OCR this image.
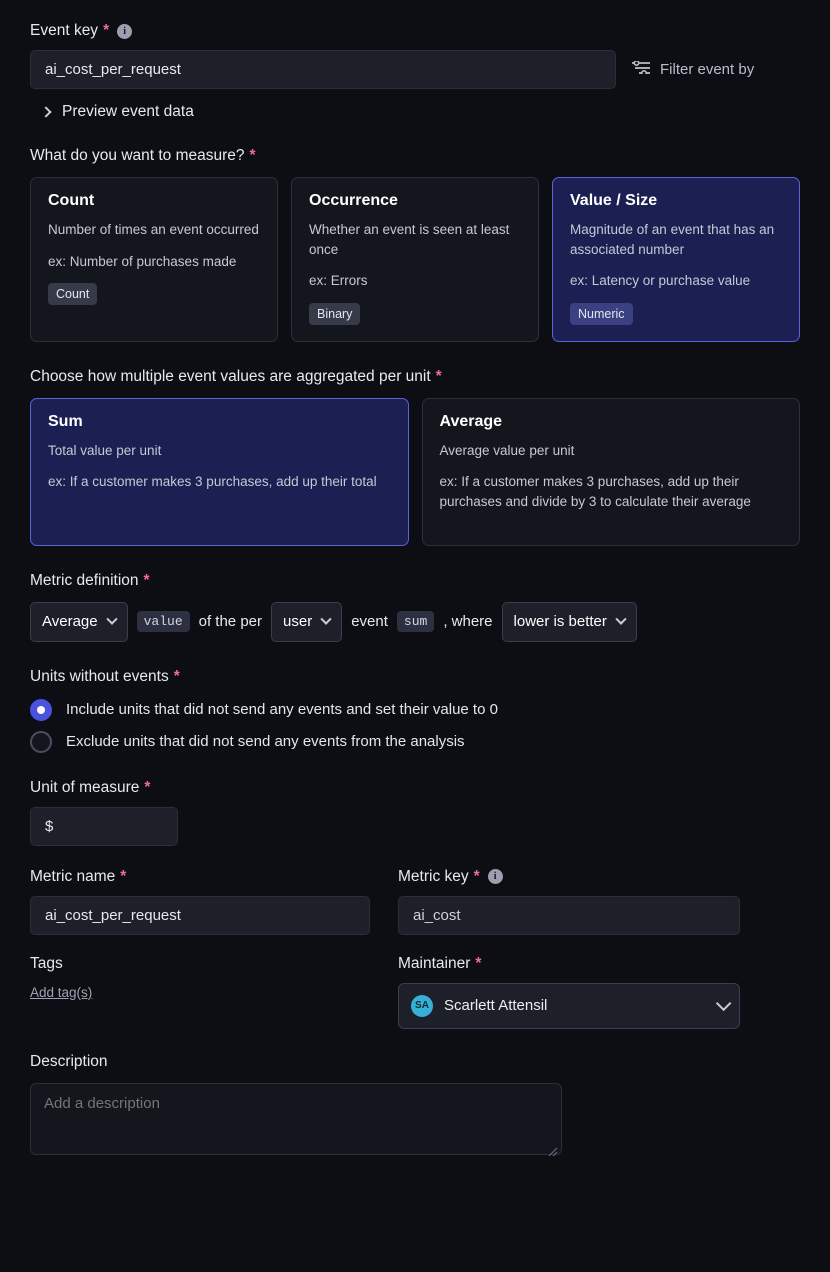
Event key *	i
ai_cost_per_request
Filter event by
Preview event data
What do you want to measure? *
Count

Number of times an event occurred

ex: Number of purchases made

Count
Occurrence

Whether an event is seen at least once

ex: Errors

Binary
Value / Size

Magnitude of an event that has an associated number

ex: Latency or purchase value

Numeric
Choose how multiple event values are aggregated per unit *
Sum

Total value per unit

ex: If a customer makes 3 purchases, add up their total

Average

Average value per unit

ex: If a customer makes 3 purchases, add up their purchases and divide by 3 to calculate their average

Metric definition *
Average	value	of the per user	event	sum	, where lower is better
Units without events *
Include units that did not send any events and set their value to 0
Exclude units that did not send any events from the analysis
Unit of measure *
$
Metric name *
ai_cost_per_request	Metric key *	i
ai_cost
Tags
Add tag(s)
Maintainer *
SA Scarlett Attensil
Description
Add a description
